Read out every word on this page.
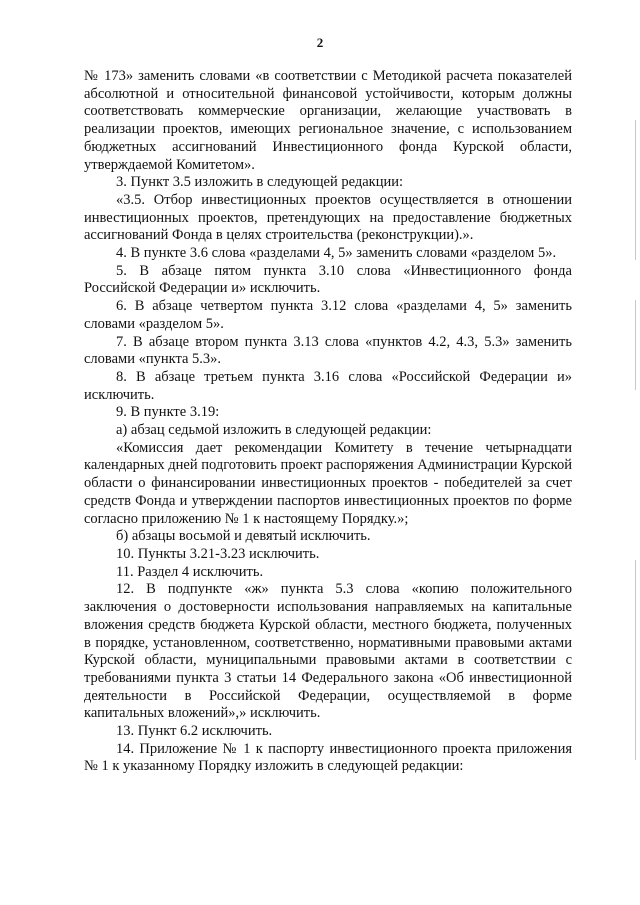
2

№ 173» заменить словами «в соответствии с Методикой расчета показателей абсолютной и относительной финансовой устойчивости, которым должны соответствовать коммерческие организации, желающие участвовать в реализации проектов, имеющих региональное значение, с использованием бюджетных ассигнований Инвестиционного фонда Курской области, утверждаемой Комитетом».

3. Пункт 3.5 изложить в следующей редакции:

«3.5. Отбор инвестиционных проектов осуществляется в отношении инвестиционных проектов, претендующих на предоставление бюджетных ассигнований Фонда в целях строительства (реконструкции).».

4. В пункте 3.6 слова «разделами 4, 5» заменить словами «разделом 5».

5. В абзаце пятом пункта 3.10 слова «Инвестиционного фонда Российской Федерации и» исключить.

6. В абзаце четвертом пункта 3.12 слова «разделами 4, 5» заменить словами «разделом 5».

7. В абзаце втором пункта 3.13 слова «пунктов 4.2, 4.3, 5.3» заменить словами «пункта 5.3».

8. В абзаце третьем пункта 3.16 слова «Российской Федерации и» исключить.

9. В пункте 3.19:

а) абзац седьмой изложить в следующей редакции:

«Комиссия дает рекомендации Комитету в течение четырнадцати календарных дней подготовить проект распоряжения Администрации Курской области о финансировании инвестиционных проектов - победителей за счет средств Фонда и утверждении паспортов инвестиционных проектов по форме согласно приложению № 1 к настоящему Порядку.»;

б) абзацы восьмой и девятый исключить.

10. Пункты 3.21-3.23 исключить.

11. Раздел 4 исключить.

12. В подпункте «ж» пункта 5.3 слова «копию положительного заключения о достоверности использования направляемых на капитальные вложения средств бюджета Курской области, местного бюджета, полученных в порядке, установленном, соответственно, нормативными правовыми актами Курской области, муниципальными правовыми актами в соответствии с требованиями пункта 3 статьи 14 Федерального закона «Об инвестиционной деятельности в Российской Федерации, осуществляемой в форме капитальных вложений»,» исключить.

13. Пункт 6.2 исключить.

14. Приложение № 1 к паспорту инвестиционного проекта приложения № 1 к указанному Порядку изложить в следующей редакции:
